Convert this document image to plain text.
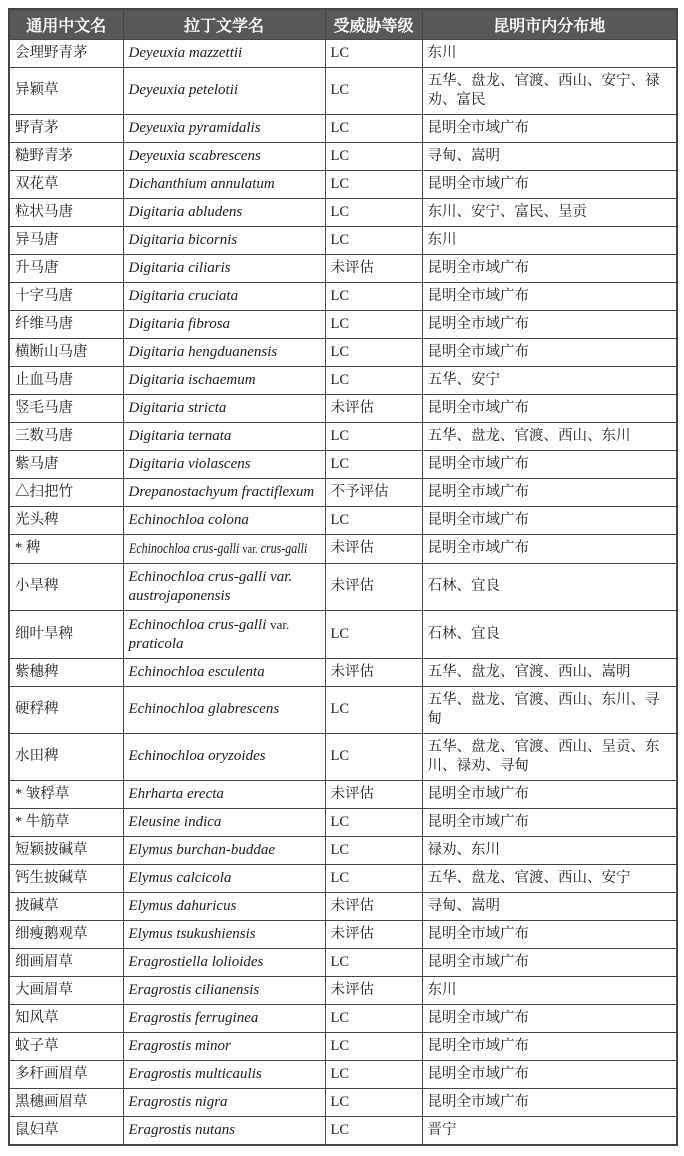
通用中文名	拉丁文学名	受威胁等级	昆明市内分布地
会理野青茅	Deyeuxia mazzettii	LC	东川
异颖草	Deyeuxia petelotii	LC	五华、盘龙、官渡、西山、安宁、禄劝、富民
野青茅	Deyeuxia pyramidalis	LC	昆明全市域广布
糙野青茅	Deyeuxia scabrescens	LC	寻甸、嵩明
双花草	Dichanthium annulatum	LC	昆明全市域广布
粒状马唐	Digitaria abludens	LC	东川、安宁、富民、呈贡
异马唐	Digitaria bicornis	LC	东川
升马唐	Digitaria ciliaris	未评估	昆明全市域广布
十字马唐	Digitaria cruciata	LC	昆明全市域广布
纤维马唐	Digitaria fibrosa	LC	昆明全市域广布
横断山马唐	Digitaria hengduanensis	LC	昆明全市域广布
止血马唐	Digitaria ischaemum	LC	五华、安宁
竖毛马唐	Digitaria stricta	未评估	昆明全市域广布
三数马唐	Digitaria ternata	LC	五华、盘龙、官渡、西山、东川
紫马唐	Digitaria violascens	LC	昆明全市域广布
△扫把竹	Drepanostachyum fractiflexum	不予评估	昆明全市域广布
光头稗	Echinochloa colona	LC	昆明全市域广布
* 稗	Echinochloa crus-galli var. crus-galli	未评估	昆明全市域广布
小旱稗	Echinochloa crus-galli var. austrojaponensis	未评估	石林、宜良
细叶旱稗	Echinochloa crus-galli var. praticola	LC	石林、宜良
紫穗稗	Echinochloa esculenta	未评估	五华、盘龙、官渡、西山、嵩明
硬稃稗	Echinochloa glabrescens	LC	五华、盘龙、官渡、西山、东川、寻甸
水田稗	Echinochloa oryzoides	LC	五华、盘龙、官渡、西山、呈贡、东川、禄劝、寻甸
* 皱稃草	Ehrharta erecta	未评估	昆明全市域广布
* 牛筋草	Eleusine indica	LC	昆明全市域广布
短颖披碱草	Elymus burchan-buddae	LC	禄劝、东川
钙生披碱草	Elymus calcicola	LC	五华、盘龙、官渡、西山、安宁
披碱草	Elymus dahuricus	未评估	寻甸、嵩明
细瘦鹅观草	Elymus tsukushiensis	未评估	昆明全市域广布
细画眉草	Eragrostiella lolioides	LC	昆明全市域广布
大画眉草	Eragrostis cilianensis	未评估	东川
知风草	Eragrostis ferruginea	LC	昆明全市域广布
蚊子草	Eragrostis minor	LC	昆明全市域广布
多秆画眉草	Eragrostis multicaulis	LC	昆明全市域广布
黑穗画眉草	Eragrostis nigra	LC	昆明全市域广布
鼠妇草	Eragrostis nutans	LC	晋宁
